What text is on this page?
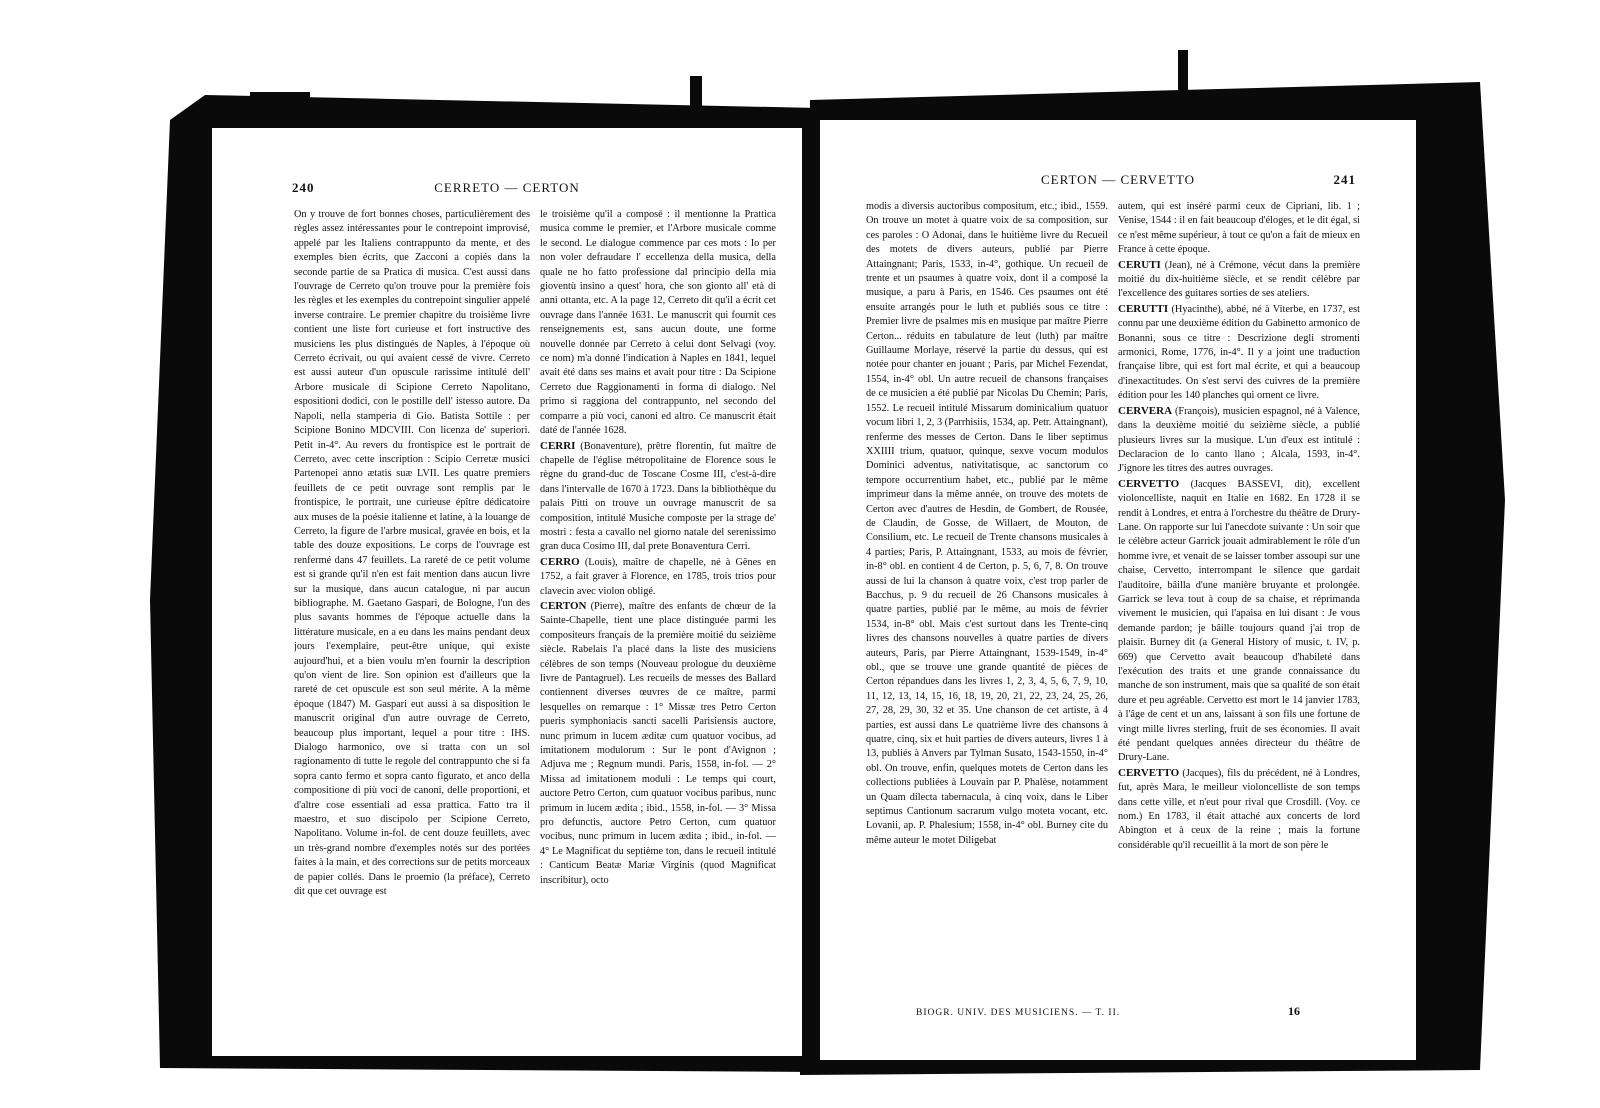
240	CERRETO — CERTON

On y trouve de fort bonnes choses, particulièrement des règles assez intéressantes pour le contrepoint improvisé, appelé par les Italiens contrappunto da mente, et des exemples bien écrits, que Zacconi a copiés dans la seconde partie de sa Pratica di musica. C'est aussi dans l'ouvrage de Cerreto qu'on trouve pour la première fois les règles et les exemples du contrepoint singulier appelé inverse contraire. Le premier chapitre du troisième livre contient une liste fort curieuse et fort instructive des musiciens les plus distingués de Naples, à l'époque où Cerreto écrivait, ou qui avaient cessé de vivre. Cerreto est aussi auteur d'un opuscule rarissime intitulé dell' Arbore musicale di Scipione Cerreto Napolitano, espositioni dodici, con le postille dell' istesso autore. Da Napoli, nella stamperia di Gio. Batista Sottile : per Scipione Bonino MDCVIII. Con licenza de' superiori. Petit in-4°. Au revers du frontispice est le portrait de Cerreto, avec cette inscription : Scipio Cerretæ musici Partenopei anno ætatis suæ LVII. Les quatre premiers feuillets de ce petit ouvrage sont remplis par le frontispice, le portrait, une curieuse épître dédicatoire aux muses de la poésie italienne et latine, à la louange de Cerreto, la figure de l'arbre musical, gravée en bois, et la table des douze expositions. Le corps de l'ouvrage est renfermé dans 47 feuillets. La rareté de ce petit volume est si grande qu'il n'en est fait mention dans aucun livre sur la musique, dans aucun catalogue, ni par aucun bibliographe. M. Gaetano Gaspari, de Bologne, l'un des plus savants hommes de l'époque actuelle dans la littérature musicale, en a eu dans les mains pendant deux jours l'exemplaire, peut-être unique, qui existe aujourd'hui, et a bien voulu m'en fournir la description qu'on vient de lire. Son opinion est d'ailleurs que la rareté de cet opuscule est son seul mérite. A la même époque (1847) M. Gaspari eut aussi à sa disposition le manuscrit original d'un autre ouvrage de Cerreto, beaucoup plus important, lequel a pour titre : IHS. Dialogo harmonico, ove si tratta con un sol ragionamento di tutte le regole del contrappunto che si fa sopra canto fermo et sopra canto figurato, et anco della compositione di più voci de canoni, delle proportioni, et d'altre cose essentiali ad essa prattica. Fatto tra il maestro, et suo discipolo per Scipione Cerreto, Napolitano. Volume in-fol. de cent douze feuillets, avec un très-grand nombre d'exemples notés sur des portées faites à la main, et des corrections sur de petits morceaux de papier collés. Dans le proemio (la préface), Cerreto dit que cet ouvrage est

le troisième qu'il a composé : il mentionne la Prattica musica comme le premier, et l'Arbore musicale comme le second. Le dialogue commence par ces mots : Io per non voler defraudare l' eccellenza della musica, della quale ne ho fatto professione dal principio della mia gioventù insino a quest' hora, che son gionto all' età di anni ottanta, etc. A la page 12, Cerreto dit qu'il a écrit cet ouvrage dans l'année 1631. Le manuscrit qui fournit ces renseignements est, sans aucun doute, une forme nouvelle donnée par Cerreto à celui dont Selvagi (voy. ce nom) m'a donné l'indication à Naples en 1841, lequel avait été dans ses mains et avait pour titre : Da Scipione Cerreto due Raggionamenti in forma di dialogo. Nel primo si raggiona del contrappunto, nel secondo del comparre a più voci, canoni ed altro. Ce manuscrit était daté de l'année 1628.

CERRI (Bonaventure), prêtre florentin, fut maître de chapelle de l'église métropolitaine de Florence sous le règne du grand-duc de Toscane Cosme III, c'est-à-dire dans l'intervalle de 1670 à 1723. Dans la bibliothèque du palais Pitti on trouve un ouvrage manuscrit de sa composition, intitulé Musiche composte per la strage de' mostri : festa a cavallo nel giorno natale del serenissimo gran duca Cosimo III, dal prete Bonaventura Cerri.

CERRO (Louis), maître de chapelle, né à Gênes en 1752, a fait graver à Florence, en 1785, trois trios pour clavecin avec violon obligé.

CERTON (Pierre), maître des enfants de chœur de la Sainte-Chapelle, tient une place distinguée parmi les compositeurs français de la première moitié du seizième siècle. Rabelais l'a placé dans la liste des musiciens célèbres de son temps (Nouveau prologue du deuxième livre de Pantagruel). Les recueils de messes des Ballard contiennent diverses œuvres de ce maître, parmi lesquelles on remarque : 1° Missæ tres Petro Certon pueris symphoniacis sancti sacelli Parisiensis auctore, nunc primum in lucem æditæ cum quatuor vocibus, ad imitationem modulorum : Sur le pont d'Avignon ; Adjuva me ; Regnum mundi. Paris, 1558, in-fol. — 2° Missa ad imitationem moduli : Le temps qui court, auctore Petro Certon, cum quatuor vocibus paribus, nunc primum in lucem ædita ; ibid., 1558, in-fol. — 3° Missa pro defunctis, auctore Petro Certon, cum quatuor vocibus, nunc primum in lucem ædita ; ibid., in-fol. — 4° Le Magnificat du septième ton, dans le recueil intitulé : Canticum Beatæ Mariæ Virginis (quod Magnificat inscribitur), octo

CERTON — CERVETTO	241

modis a diversis auctoribus compositum, etc.; ibid., 1559. On trouve un motet à quatre voix de sa composition, sur ces paroles : O Adonai, dans le huitième livre du Recueil des motets de divers auteurs, publié par Pierre Attaingnant; Paris, 1533, in-4°, gothique. Un recueil de trente et un psaumes à quatre voix, dont il a composé la musique, a paru à Paris, en 1546. Ces psaumes ont été ensuite arrangés pour le luth et publiés sous ce titre : Premier livre de psalmes mis en musique par maître Pierre Certon... réduits en tabulature de leut (luth) par maître Guillaume Morlaye, réservé la partie du dessus, qui est notée pour chanter en jouant ; Paris, par Michel Fezendat, 1554, in-4° obl. Un autre recueil de chansons françaises de ce musicien a été publié par Nicolas Du Chemin; Paris, 1552. Le recueil intitulé Missarum dominicalium quatuor vocum libri 1, 2, 3 (Parrhisiis, 1534, ap. Petr. Attaingnant), renferme des messes de Certon. Dans le liber septimus XXIIII trium, quatuor, quinque, sexve vocum modulos Dominici adventus, nativitatisque, ac sanctorum co tempore occurrentium habet, etc., publié par le même imprimeur dans la même année, on trouve des motets de Certon avec d'autres de Hesdin, de Gombert, de Rousée, de Claudin, de Gosse, de Willaert, de Mouton, de Consilium, etc. Le recueil de Trente chansons musicales à 4 parties; Paris, P. Attaingnant, 1533, au mois de février, in-8° obl. en contient 4 de Certon, p. 5, 6, 7, 8. On trouve aussi de lui la chanson à quatre voix, c'est trop parler de Bacchus, p. 9 du recueil de 26 Chansons musicales à quatre parties, publié par le même, au mois de février 1534, in-8° obl. Mais c'est surtout dans les Trente-cinq livres des chansons nouvelles à quatre parties de divers auteurs, Paris, par Pierre Attaingnant, 1539-1549, in-4° obl., que se trouve une grande quantité de pièces de Certon répandues dans les livres 1, 2, 3, 4, 5, 6, 7, 9, 10, 11, 12, 13, 14, 15, 16, 18, 19, 20, 21, 22, 23, 24, 25, 26, 27, 28, 29, 30, 32 et 35. Une chanson de cet artiste, à 4 parties, est aussi dans Le quatrième livre des chansons à quatre, cinq, six et huit parties de divers auteurs, livres 1 à 13, publiés à Anvers par Tylman Susato, 1543-1550, in-4° obl. On trouve, enfin, quelques motets de Certon dans les collections publiées à Louvain par P. Phalèse, notamment un Quam dilecta tabernacula, à cinq voix, dans le Liber septimus Cantionum sacrarum vulgo moteta vocant, etc. Lovanii, ap. P. Phalesium; 1558, in-4° obl. Burney cite du même auteur le motet Diligebat

autem, qui est inséré parmi ceux de Cipriani, lib. 1 ; Venise, 1544 : il en fait beaucoup d'éloges, et le dit égal, si ce n'est même supérieur, à tout ce qu'on a fait de mieux en France à cette époque.

CERUTI (Jean), né à Crémone, vécut dans la première moitié du dix-huitième siècle, et se rendit célèbre par l'excellence des guitares sorties de ses ateliers.

CERUTTI (Hyacinthe), abbé, né à Viterbe, en 1737, est connu par une deuxième édition du Gabinetto armonico de Bonanni, sous ce titre : Descrizione degli stromenti armonici, Rome, 1776, in-4°. Il y a joint une traduction française libre, qui est fort mal écrite, et qui a beaucoup d'inexactitudes. On s'est servi des cuivres de la première édition pour les 140 planches qui ornent ce livre.

CERVERA (François), musicien espagnol, né à Valence, dans la deuxième moitié du seizième siècle, a publié plusieurs livres sur la musique. L'un d'eux est intitulé : Declaracion de lo canto llano ; Alcala, 1593, in-4°. J'ignore les titres des autres ouvrages.

CERVETTO (Jacques BASSEVI, dit), excellent violoncelliste, naquit en Italie en 1682. En 1728 il se rendit à Londres, et entra à l'orchestre du théâtre de Drury-Lane. On rapporte sur lui l'anecdote suivante : Un soir que le célèbre acteur Garrick jouait admirablement le rôle d'un homme ivre, et venait de se laisser tomber assoupi sur une chaise, Cervetto, interrompant le silence que gardait l'auditoire, bâilla d'une manière bruyante et prolongée. Garrick se leva tout à coup de sa chaise, et réprimanda vivement le musicien, qui l'apaisa en lui disant : Je vous demande pardon; je bâille toujours quand j'ai trop de plaisir. Burney dit (a General History of music, t. IV, p. 669) que Cervetto avait beaucoup d'habileté dans l'exécution des traits et une grande connaissance du manche de son instrument, mais que sa qualité de son était dure et peu agréable. Cervetto est mort le 14 janvier 1783, à l'âge de cent et un ans, laissant à son fils une fortune de vingt mille livres sterling, fruit de ses économies. Il avait été pendant quelques années directeur du théâtre de Drury-Lane.

CERVETTO (Jacques), fils du précédent, né à Londres, fut, après Mara, le meilleur violoncelliste de son temps dans cette ville, et n'eut pour rival que Crosdill. (Voy. ce nom.) En 1783, il était attaché aux concerts de lord Abington et à ceux de la reine ; mais la fortune considérable qu'il recueillit à la mort de son père le

BIOGR. UNIV. DES MUSICIENS. — T. II.	16
